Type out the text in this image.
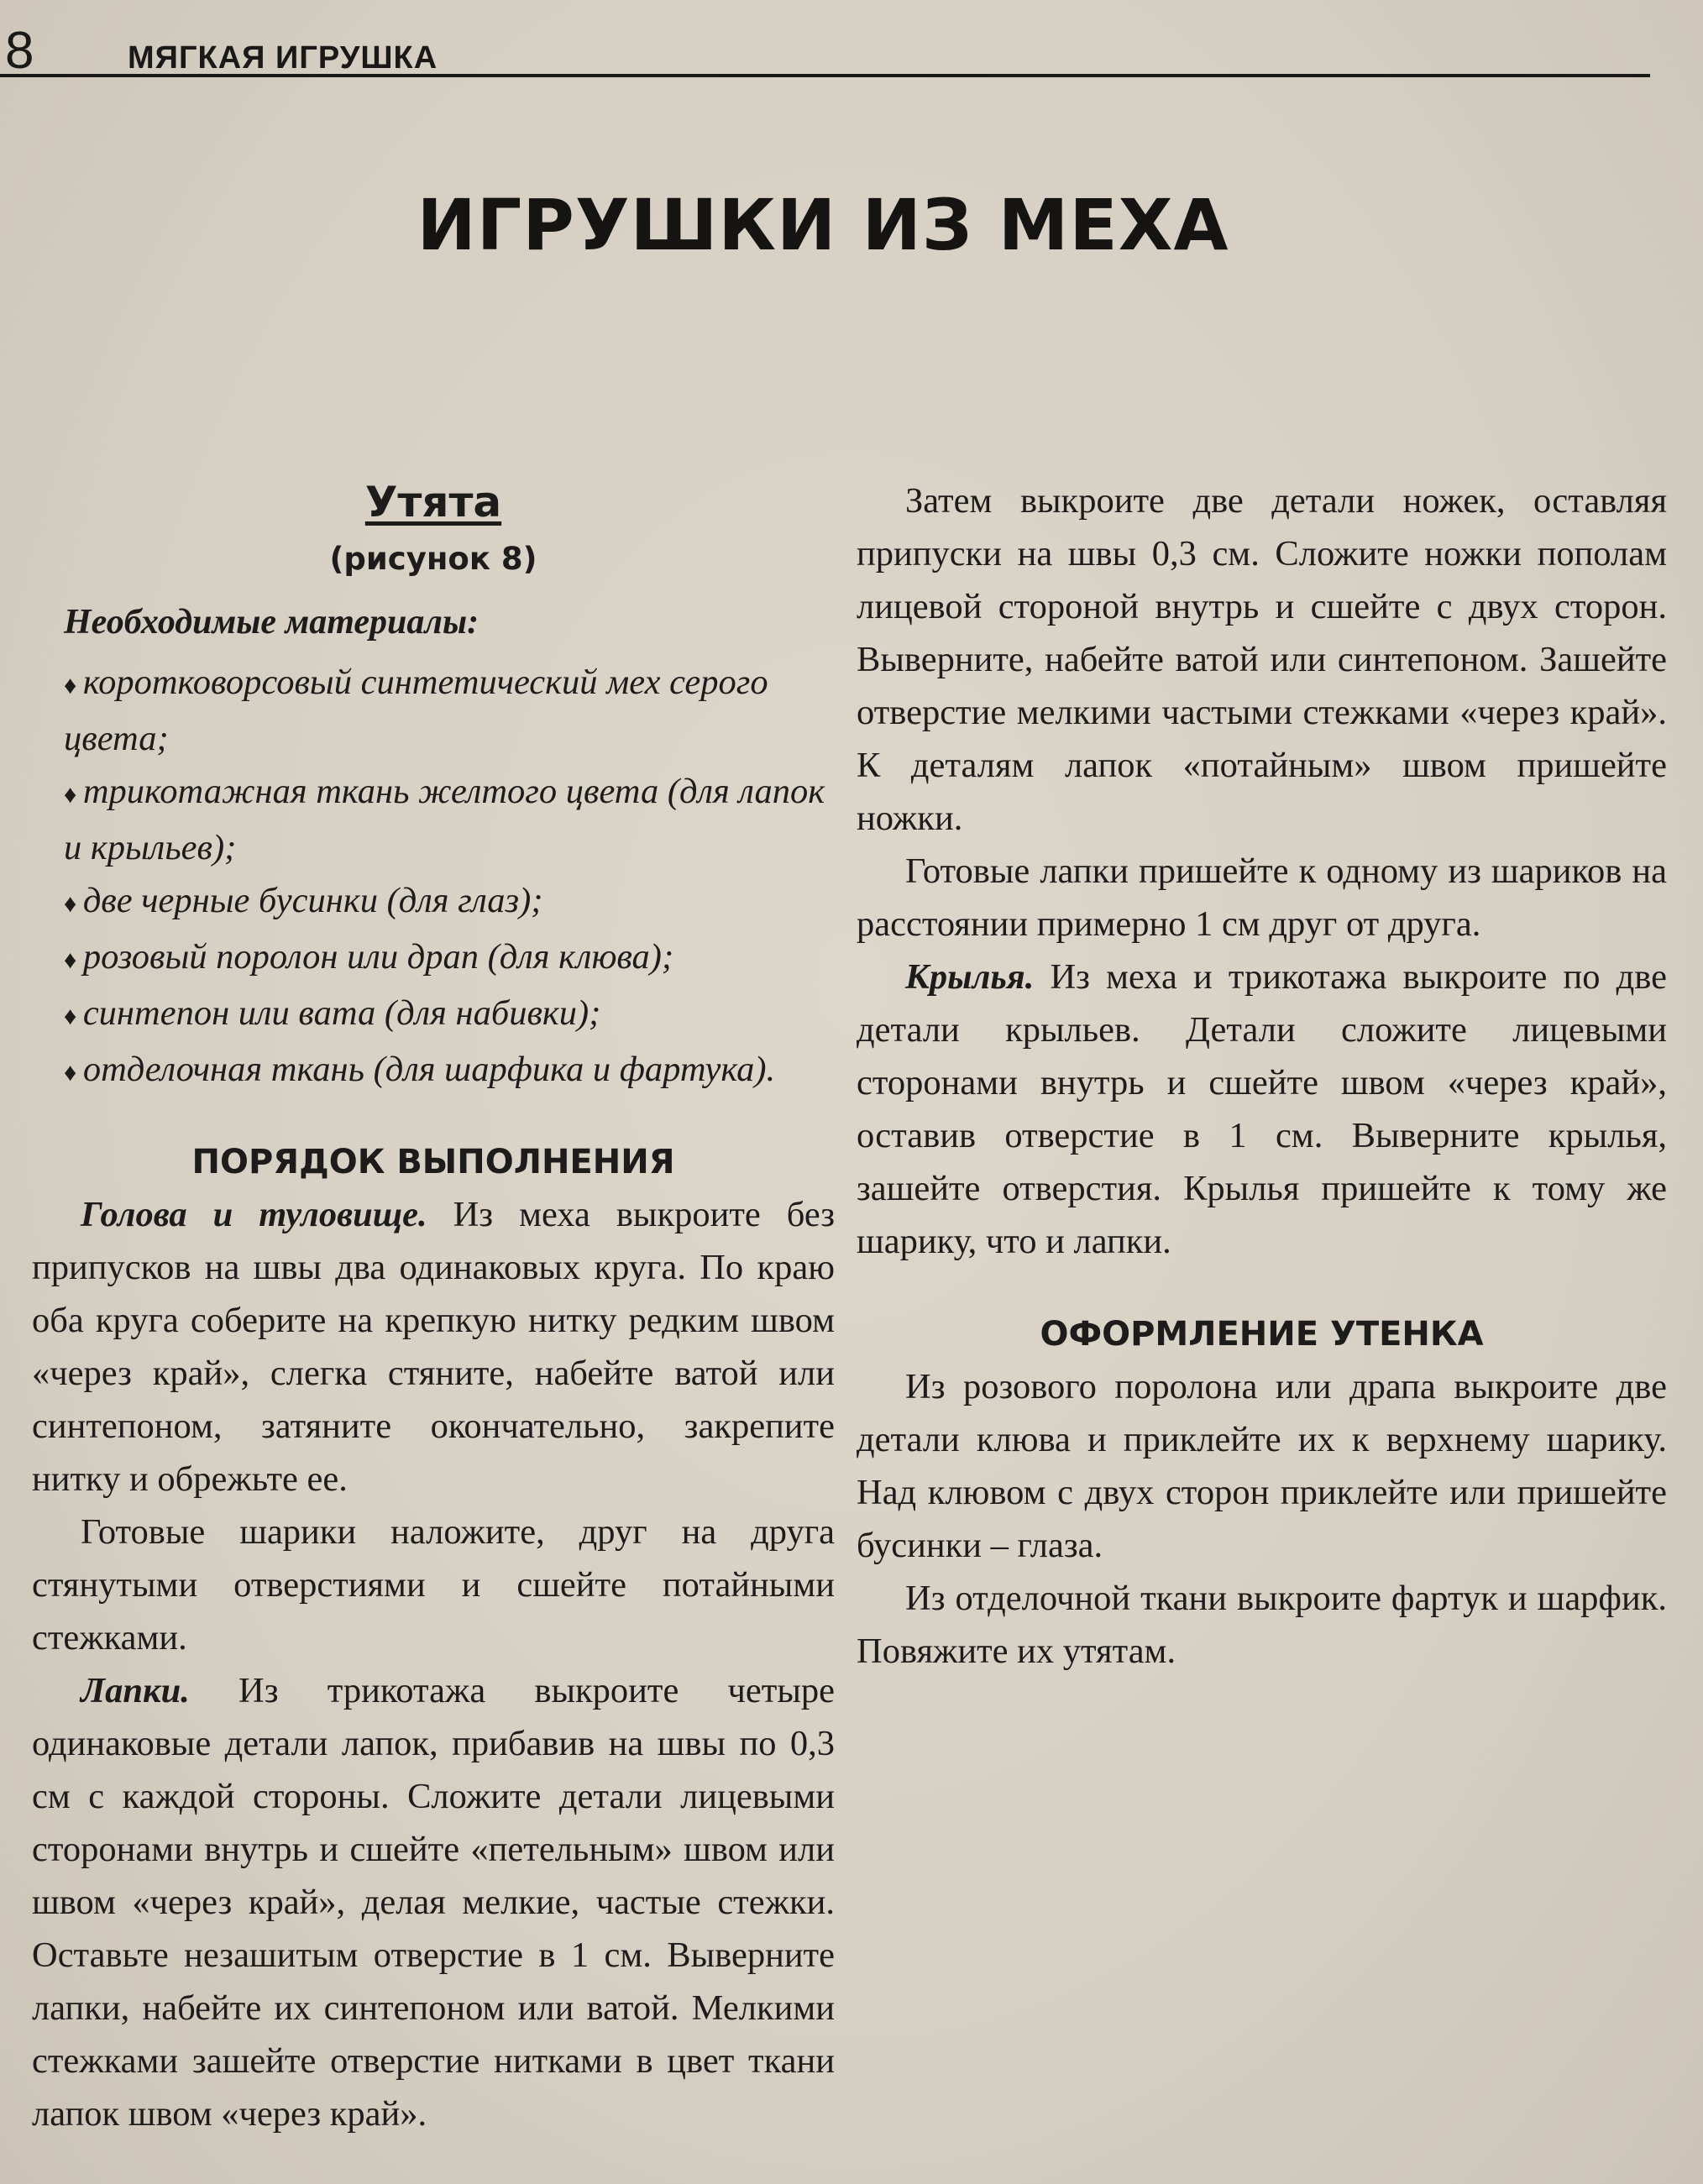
8	МЯГКАЯ ИГРУШКА
ИГРУШКИ ИЗ МЕХА
Утята
(рисунок 8)
Необходимые материалы:
♦ коротковорсовый синтетический мех серого цвета;
♦ трикотажная ткань желтого цвета (для лапок и крыльев);
♦ две черные бусинки (для глаз);
♦ розовый поролон или драп (для клюва);
♦ синтепон или вата (для набивки);
♦ отделочная ткань (для шарфика и фартука).
ПОРЯДОК ВЫПОЛНЕНИЯ

Голова и туловище. Из меха выкроите без припусков на швы два одинаковых круга. По краю оба круга соберите на крепкую нитку редким швом «через край», слегка стяните, набейте ватой или синтепоном, затяните окончательно, закрепите нитку и обрежьте ее.

Готовые шарики наложите, друг на друга стянутыми отверстиями и сшейте потайными стежками.

Лапки. Из трикотажа выкроите четыре одинаковые детали лапок, прибавив на швы по 0,3 см с каждой стороны. Сложите детали лицевыми сторонами внутрь и сшейте «петельным» швом или швом «через край», делая мелкие, частые стежки. Оставьте незашитым отверстие в 1 см. Выверните лапки, набейте их синтепоном или ватой. Мелкими стежками зашейте отверстие нитками в цвет ткани лапок швом «через край».

Затем выкроите две детали ножек, оставляя припуски на швы 0,3 см. Сложите ножки пополам лицевой стороной внутрь и сшейте с двух сторон. Выверните, набейте ватой или синтепоном. Зашейте отверстие мелкими частыми стежками «через край». К деталям лапок «потайным» швом пришейте ножки.

Готовые лапки пришейте к одному из шариков на расстоянии примерно 1 см друг от друга.

Крылья. Из меха и трикотажа выкроите по две детали крыльев. Детали сложите лицевыми сторонами внутрь и сшейте швом «через край», оставив отверстие в 1 см. Выверните крылья, зашейте отверстия. Крылья пришейте к тому же шарику, что и лапки.

ОФОРМЛЕНИЕ УТЕНКА

Из розового поролона или драпа выкроите две детали клюва и приклейте их к верхнему шарику. Над клювом с двух сторон приклейте или пришейте бусинки – глаза.

Из отделочной ткани выкроите фартук и шарфик. Повяжите их утятам.
